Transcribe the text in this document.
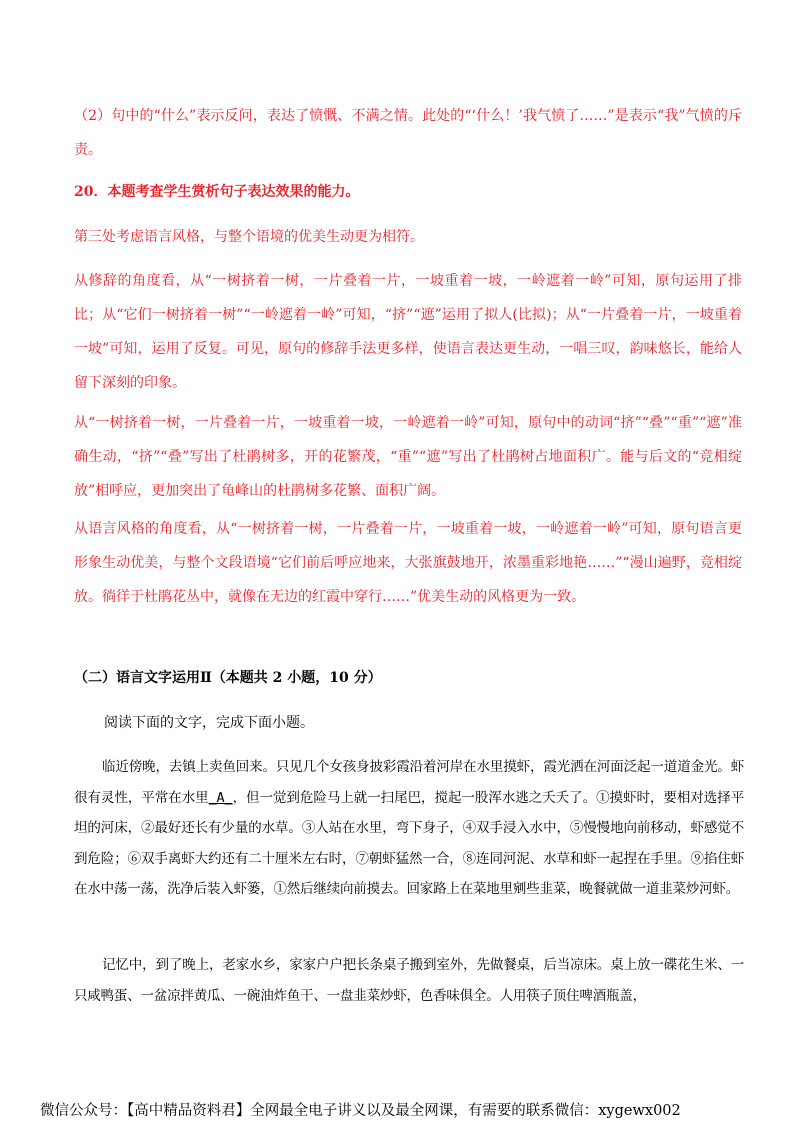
（2）句中的“什么”表示反问，表达了愤慨、不满之情。此处的“‘什么！’我气愤了……”是表示“我”气愤的斥责。

20．本题考查学生赏析句子表达效果的能力。

第三处考虑语言风格，与整个语境的优美生动更为相符。

从修辞的角度看，从“一树挤着一树，一片叠着一片，一坡重着一坡，一岭遮着一岭”可知，原句运用了排比；从“它们一树挤着一树”“一岭遮着一岭”可知，“挤”“遮”运用了拟人(比拟)；从“一片叠着一片，一坡重着一坡”可知，运用了反复。可见，原句的修辞手法更多样，使语言表达更生动，一唱三叹，韵味悠长，能给人留下深刻的印象。

从“一树挤着一树，一片叠着一片，一坡重着一坡，一岭遮着一岭”可知，原句中的动词“挤”“叠”“重”“遮”准确生动，“挤”“叠”写出了杜鹃树多，开的花繁茂，“重”“遮”写出了杜鹃树占地面积广。能与后文的“竞相绽放”相呼应，更加突出了龟峰山的杜鹃树多花繁、面积广阔。

从语言风格的角度看，从“一树挤着一树，一片叠着一片，一坡重着一坡，一岭遮着一岭”可知，原句语言更形象生动优美，与整个文段语境“它们前后呼应地来，大张旗鼓地开，浓墨重彩地艳……”“漫山遍野，竞相绽放。徜徉于杜鹃花丛中，就像在无边的红霞中穿行……”优美生动的风格更为一致。

（二）语言文字运用Ⅱ（本题共 2 小题，10 分）

阅读下面的文字，完成下面小题。

临近傍晚，去镇上卖鱼回来。只见几个女孩身披彩霞沿着河岸在水里摸虾，霞光洒在河面泛起一道道金光。虾很有灵性，平常在水里_A_，但一觉到危险马上就一扫尾巴，搅起一股浑水逃之夭夭了。①摸虾时，要相对选择平坦的河床，②最好还长有少量的水草。③人站在水里，弯下身子，④双手浸入水中，⑤慢慢地向前移动，虾感觉不到危险；⑥双手离虾大约还有二十厘米左右时，⑦朝虾猛然一合，⑧连同河泥、水草和虾一起捏在手里。⑨掐住虾在水中荡一荡，洗净后装入虾篓，①然后继续向前摸去。回家路上在菜地里剜些韭菜，晚餐就做一道韭菜炒河虾。

记忆中，到了晚上，老家水乡，家家户户把长条桌子搬到室外，先做餐桌，后当凉床。桌上放一碟花生米、一只咸鸭蛋、一盆凉拌黄瓜、一碗油炸鱼干、一盘韭菜炒虾，色香味俱全。人用筷子顶住啤酒瓶盖，

微信公众号：【高中精品资料君】全网最全电子讲义以及最全网课，有需要的联系微信：xygewx002
